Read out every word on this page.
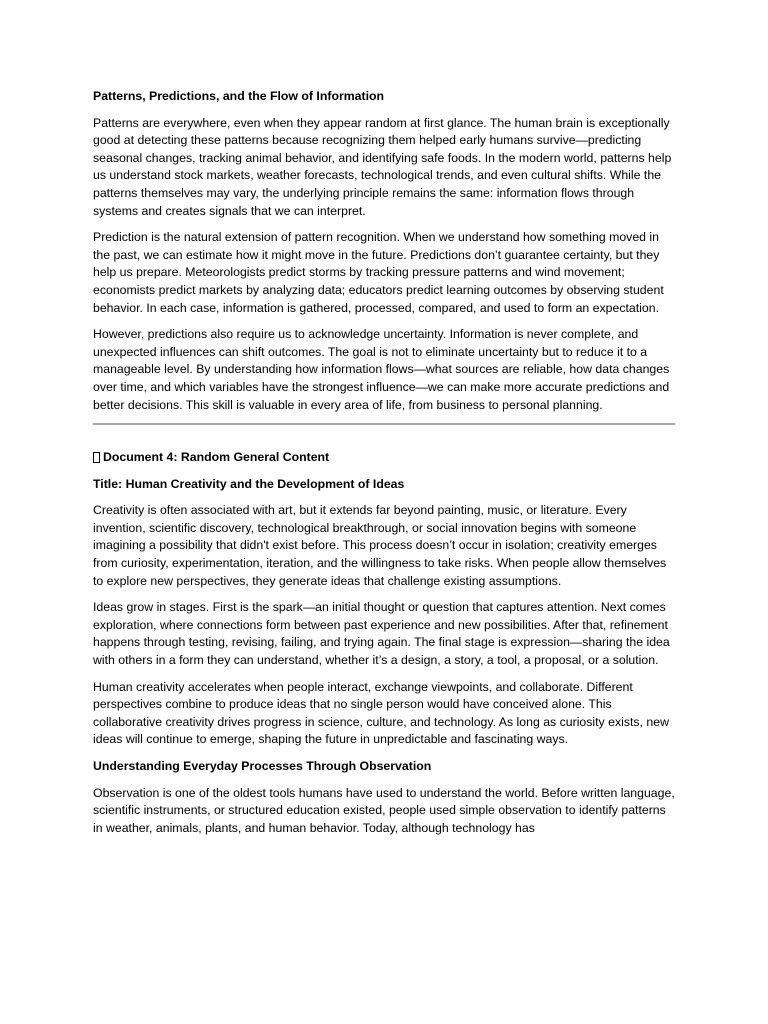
Patterns, Predictions, and the Flow of Information

Patterns are everywhere, even when they appear random at first glance. The human brain is exceptionally good at detecting these patterns because recognizing them helped early humans survive—predicting seasonal changes, tracking animal behavior, and identifying safe foods. In the modern world, patterns help us understand stock markets, weather forecasts, technological trends, and even cultural shifts. While the patterns themselves may vary, the underlying principle remains the same: information flows through systems and creates signals that we can interpret.

Prediction is the natural extension of pattern recognition. When we understand how something moved in the past, we can estimate how it might move in the future. Predictions don’t guarantee certainty, but they help us prepare. Meteorologists predict storms by tracking pressure patterns and wind movement; economists predict markets by analyzing data; educators predict learning outcomes by observing student behavior. In each case, information is gathered, processed, compared, and used to form an expectation.

However, predictions also require us to acknowledge uncertainty. Information is never complete, and unexpected influences can shift outcomes. The goal is not to eliminate uncertainty but to reduce it to a manageable level. By understanding how information flows—what sources are reliable, how data changes over time, and which variables have the strongest influence—we can make more accurate predictions and better decisions. This skill is valuable in every area of life, from business to personal planning.

Document 4: Random General Content

Title: Human Creativity and the Development of Ideas

Creativity is often associated with art, but it extends far beyond painting, music, or literature. Every invention, scientific discovery, technological breakthrough, or social innovation begins with someone imagining a possibility that didn't exist before. This process doesn’t occur in isolation; creativity emerges from curiosity, experimentation, iteration, and the willingness to take risks. When people allow themselves to explore new perspectives, they generate ideas that challenge existing assumptions.

Ideas grow in stages. First is the spark—an initial thought or question that captures attention. Next comes exploration, where connections form between past experience and new possibilities. After that, refinement happens through testing, revising, failing, and trying again. The final stage is expression—sharing the idea with others in a form they can understand, whether it’s a design, a story, a tool, a proposal, or a solution.

Human creativity accelerates when people interact, exchange viewpoints, and collaborate. Different perspectives combine to produce ideas that no single person would have conceived alone. This collaborative creativity drives progress in science, culture, and technology. As long as curiosity exists, new ideas will continue to emerge, shaping the future in unpredictable and fascinating ways.

Understanding Everyday Processes Through Observation

Observation is one of the oldest tools humans have used to understand the world. Before written language, scientific instruments, or structured education existed, people used simple observation to identify patterns in weather, animals, plants, and human behavior. Today, although technology has
